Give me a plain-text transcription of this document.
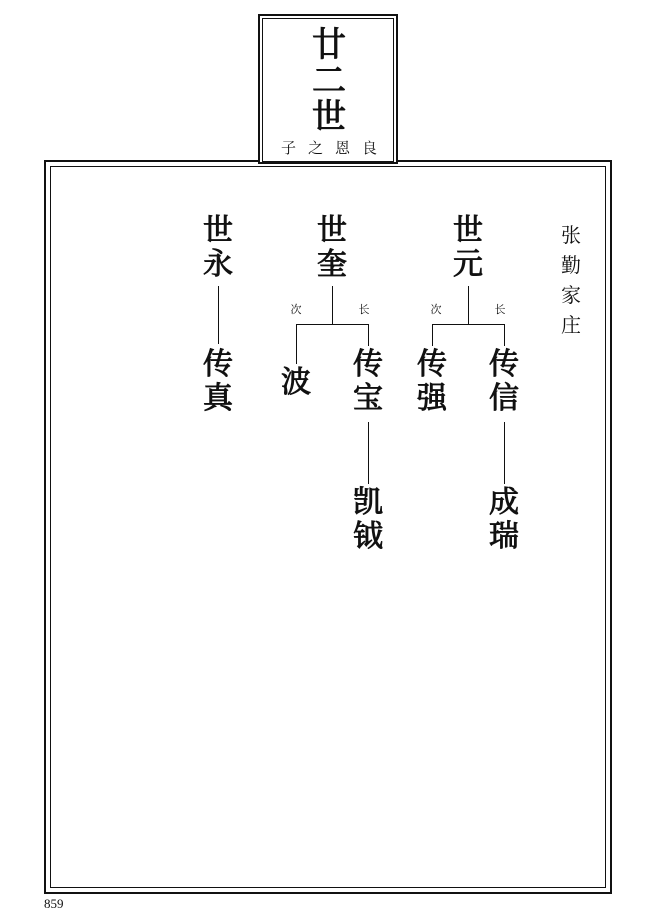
廿
二
世
子之恩良
张
勤
家
庄
世
永
传
真
世
奎
次	长
波
传
宝
凯
钺
世
元
次	长
传
强
传
信
成
瑞
859
